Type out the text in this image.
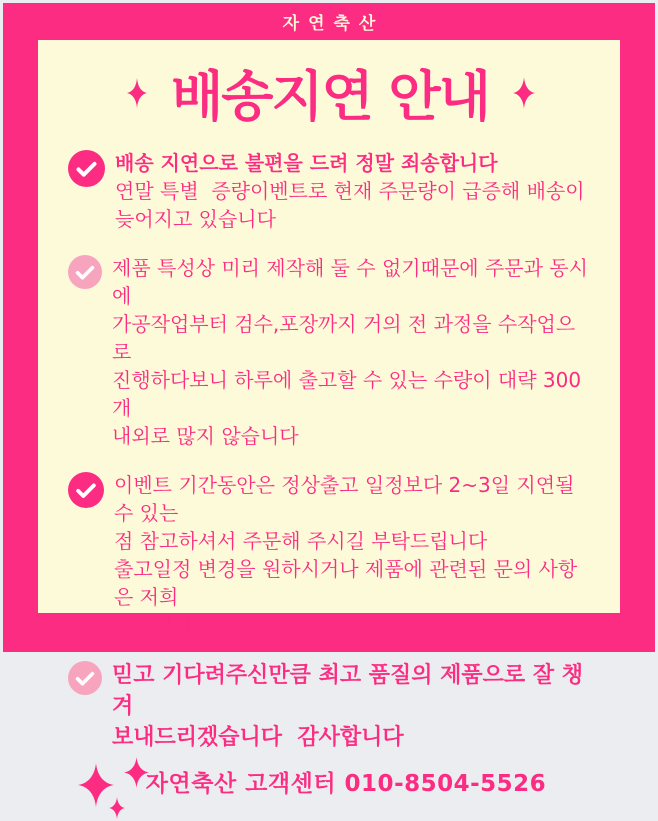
자연축산
배송지연 안내
배송 지연으로 불편을 드려 정말 죄송합니다
연말 특별  증량이벤트로 현재 주문량이 급증해 배송이
늦어지고 있습니다
제품 특성상 미리 제작해 둘 수 없기때문에 주문과 동시에
가공작업부터 검수,포장까지 거의 전 과정을 수작업으로
진행하다보니 하루에 출고할 수 있는 수량이 대략 300개
내외로 많지 않습니다
이벤트 기간동안은 정상출고 일정보다 2~3일 지연될 수 있는
점 참고하셔서 주문해 주시길 부탁드립니다
출고일정 변경을 원하시거나 제품에 관련된 문의 사항은 저희
고객센터로 연락주시면 빠르게 안내해 드리겠습니다
믿고 기다려주신만큼 최고 품질의 제품으로 잘 챙겨
보내드리겠습니다  감사합니다
자연축산 고객센터 010-8504-5526
